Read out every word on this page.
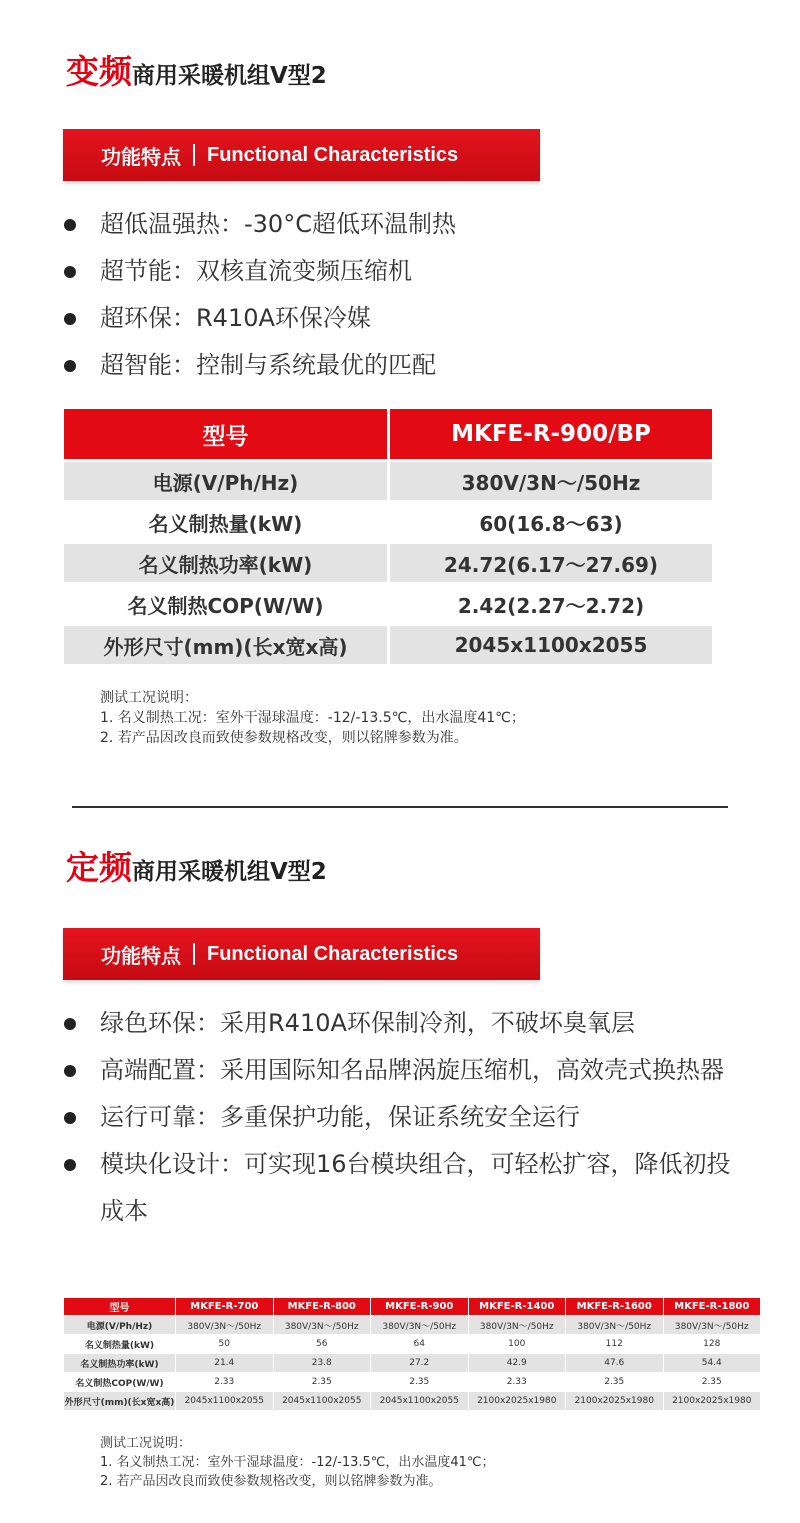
变频商用采暖机组V型2
功能特点 Functional Characteristics
超低温强热：-30°C超低环温制热
超节能：双核直流变频压缩机
超环保：R410A环保冷媒
超智能：控制与系统最优的匹配
型号	MKFE-R-900/BP
电源(V/Ph/Hz)	380V/3N～/50Hz
名义制热量(kW)	60(16.8～63)
名义制热功率(kW)	24.72(6.17～27.69)
名义制热COP(W/W)	2.42(2.27～2.72)
外形尺寸(mm)(长x宽x高)	2045x1100x2055
测试工况说明：
1. 名义制热工况：室外干湿球温度：-12/-13.5℃，出水温度41℃；
2. 若产品因改良而致使参数规格改变，则以铭牌参数为准。
定频商用采暖机组V型2
功能特点 Functional Characteristics
绿色环保：采用R410A环保制冷剂，不破坏臭氧层
高端配置：采用国际知名品牌涡旋压缩机，高效壳式换热器
运行可靠：多重保护功能，保证系统安全运行
模块化设计：可实现16台模块组合，可轻松扩容，降低初投成本
型号	MKFE-R-700	MKFE-R-800	MKFE-R-900	MKFE-R-1400	MKFE-R-1600	MKFE-R-1800
电源(V/Ph/Hz)	380V/3N～/50Hz	380V/3N～/50Hz	380V/3N～/50Hz	380V/3N～/50Hz	380V/3N～/50Hz	380V/3N～/50Hz
名义制热量(kW)	50	56	64	100	112	128
名义制热功率(kW)	21.4	23.8	27.2	42.9	47.6	54.4
名义制热COP(W/W)	2.33	2.35	2.35	2.33	2.35	2.35
外形尺寸(mm)(长x宽x高)	2045x1100x2055	2045x1100x2055	2045x1100x2055	2100x2025x1980	2100x2025x1980	2100x2025x1980
测试工况说明：
1. 名义制热工况：室外干湿球温度：-12/-13.5℃，出水温度41℃；
2. 若产品因改良而致使参数规格改变，则以铭牌参数为准。
